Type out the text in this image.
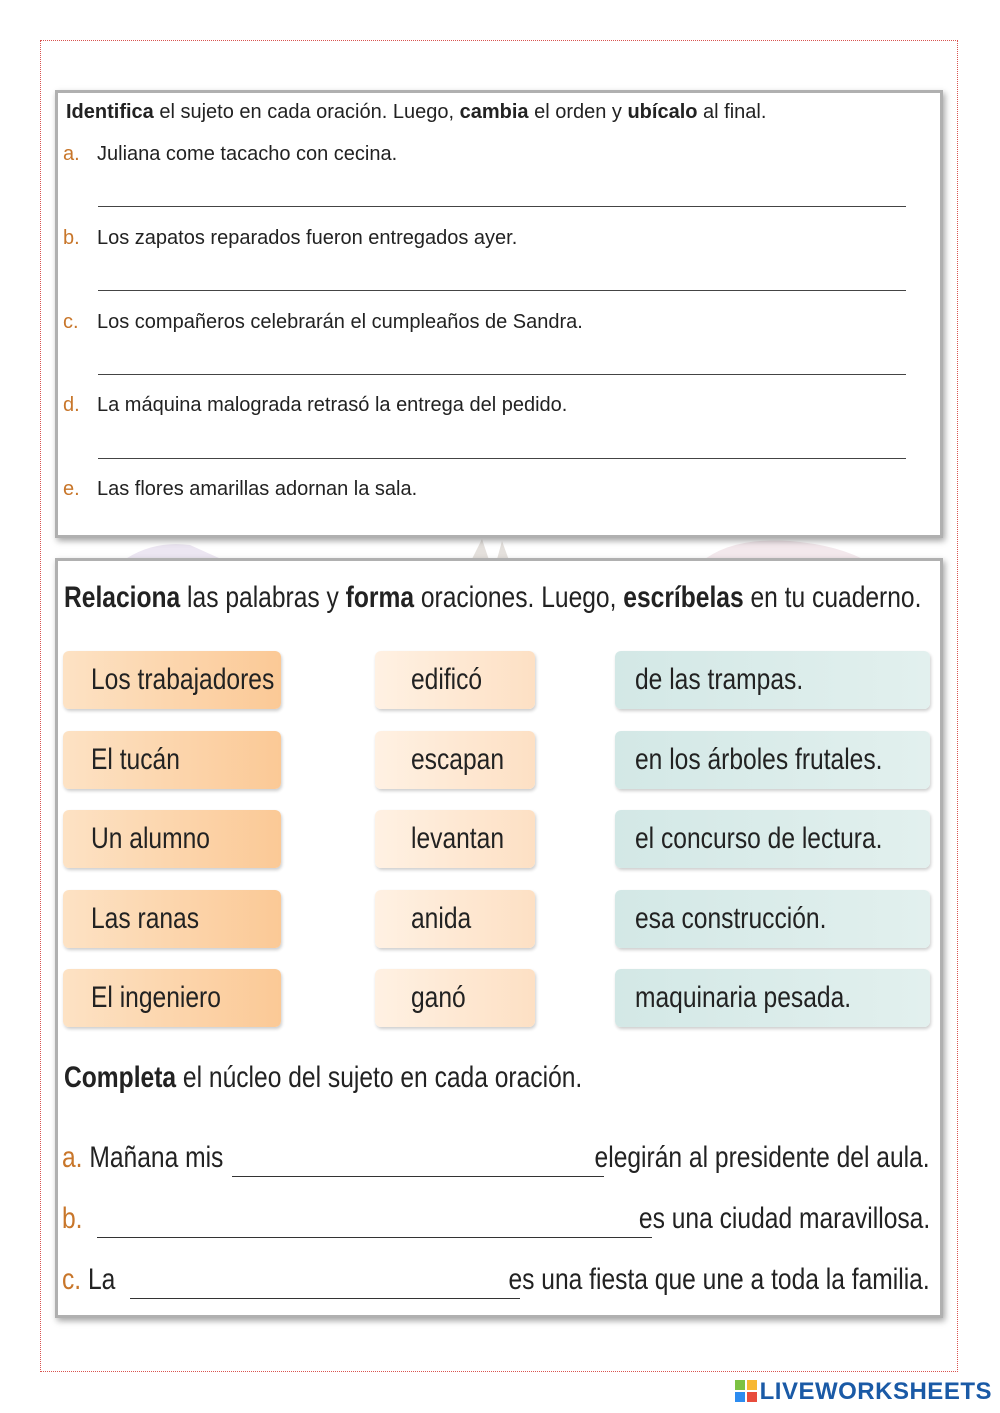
Identifica el sujeto en cada oración. Luego, cambia el orden y ubícalo al final.
a. Juliana come tacacho con cecina.
b. Los zapatos reparados fueron entregados ayer.
c. Los compañeros celebrarán el cumpleaños de Sandra.
d. La máquina malograda retrasó la entrega del pedido.
e. Las flores amarillas adornan la sala.
Relaciona las palabras y forma oraciones. Luego, escríbelas en tu cuaderno.
Los trabajadores	edificó	de las trampas.
El tucán	escapan	en los árboles frutales.
Un alumno	levantan	el concurso de lectura.
Las ranas	anida	esa construcción.
El ingeniero	ganó	maquinaria pesada.
Completa el núcleo del sujeto en cada oración.
a. Mañana mis	elegirán al presidente del aula.
b.	es una ciudad maravillosa.
c. La	es una fiesta que une a toda la familia.
LIVEWORKSHEETS
